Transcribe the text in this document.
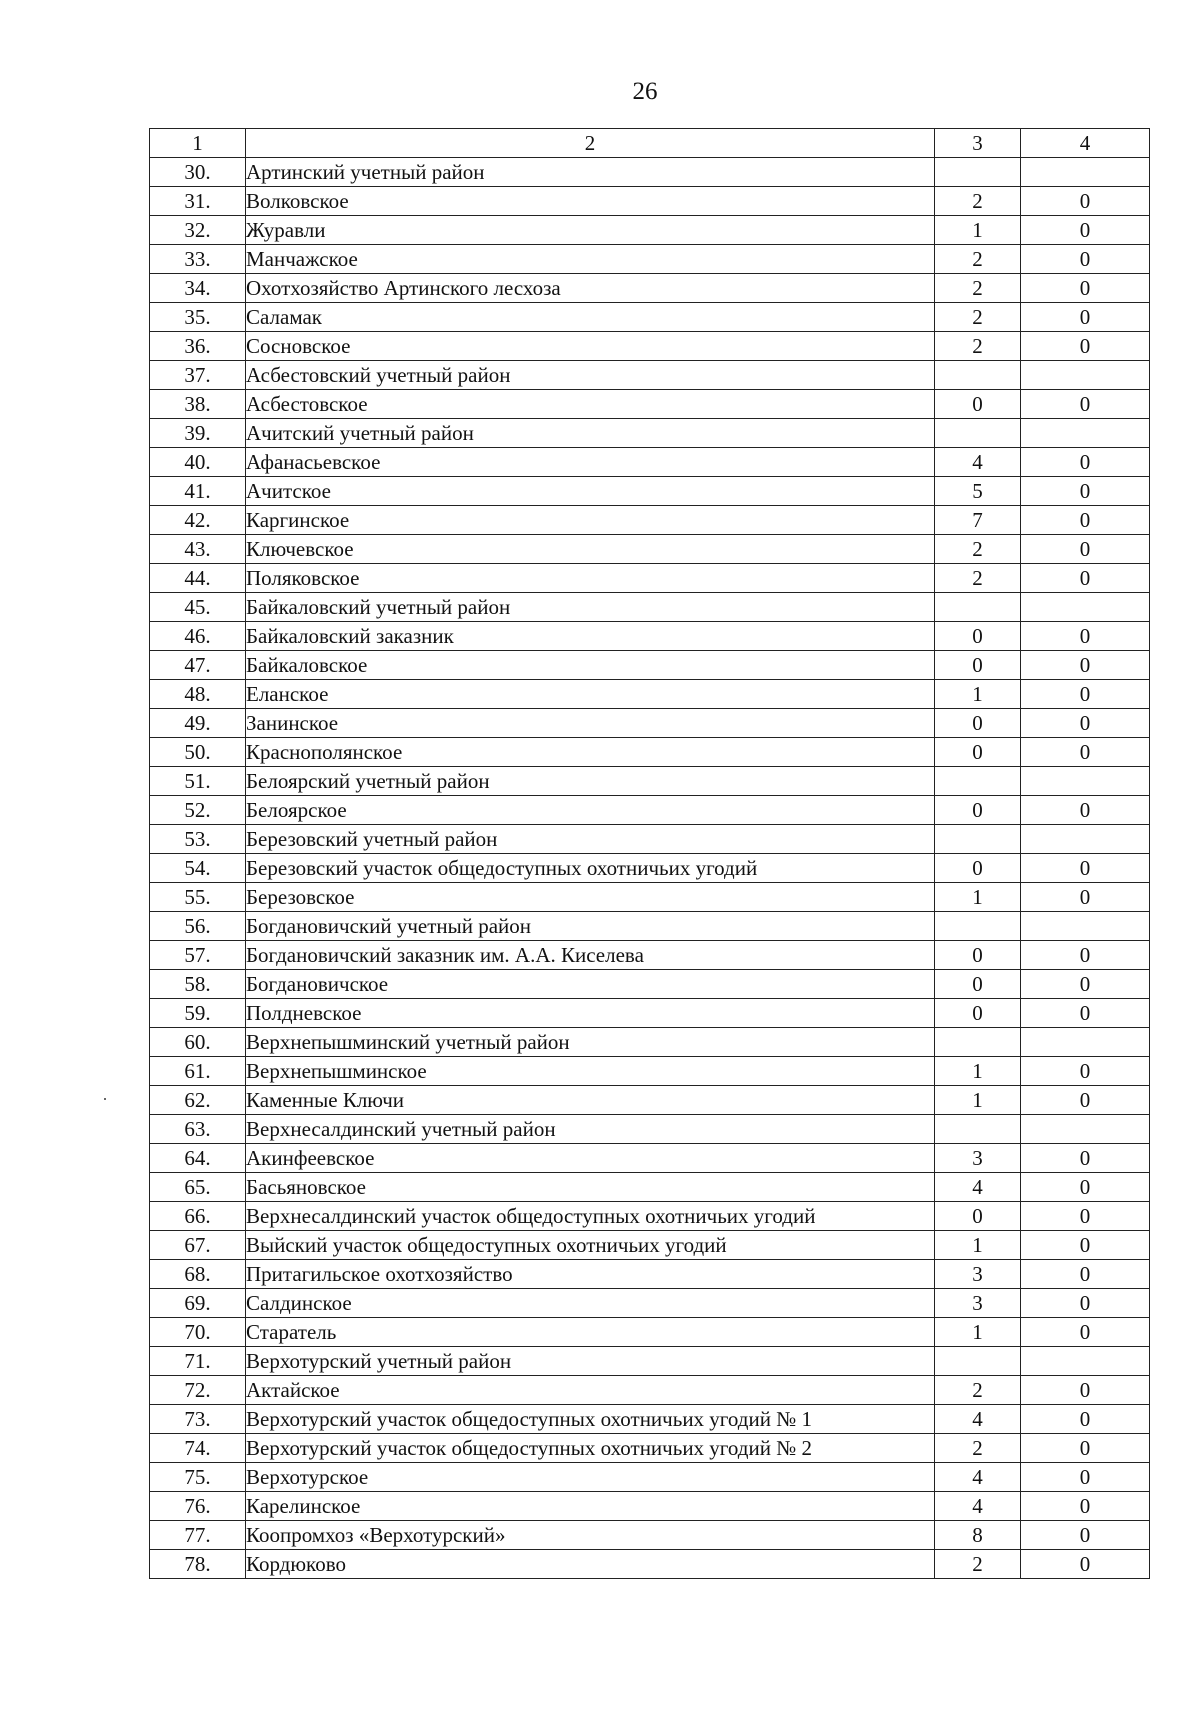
26
1	2	3	4
30.	Артинский учетный район		
31.	Волковское	2	0
32.	Журавли	1	0
33.	Манчажское	2	0
34.	Охотхозяйство Артинского лесхоза	2	0
35.	Саламак	2	0
36.	Сосновское	2	0
37.	Асбестовский учетный район		
38.	Асбестовское	0	0
39.	Ачитский учетный район		
40.	Афанасьевское	4	0
41.	Ачитское	5	0
42.	Каргинское	7	0
43.	Ключевское	2	0
44.	Поляковское	2	0
45.	Байкаловский учетный район		
46.	Байкаловский заказник	0	0
47.	Байкаловское	0	0
48.	Еланское	1	0
49.	Занинское	0	0
50.	Краснополянское	0	0
51.	Белоярский учетный район		
52.	Белоярское	0	0
53.	Березовский учетный район		
54.	Березовский участок общедоступных охотничьих угодий	0	0
55.	Березовское	1	0
56.	Богдановичский учетный район		
57.	Богдановичский заказник им. А.А. Киселева	0	0
58.	Богдановичское	0	0
59.	Полдневское	0	0
60.	Верхнепышминский учетный район		
61.	Верхнепышминское	1	0
62.	Каменные Ключи	1	0
63.	Верхнесалдинский учетный район		
64.	Акинфеевское	3	0
65.	Басьяновское	4	0
66.	Верхнесалдинский участок общедоступных охотничьих угодий	0	0
67.	Выйский участок общедоступных охотничьих угодий	1	0
68.	Притагильское охотхозяйство	3	0
69.	Салдинское	3	0
70.	Старатель	1	0
71.	Верхотурский учетный район		
72.	Актайское	2	0
73.	Верхотурский участок общедоступных охотничьих угодий № 1	4	0
74.	Верхотурский участок общедоступных охотничьих угодий № 2	2	0
75.	Верхотурское	4	0
76.	Карелинское	4	0
77.	Коопромхоз «Верхотурский»	8	0
78.	Кордюково	2	0
